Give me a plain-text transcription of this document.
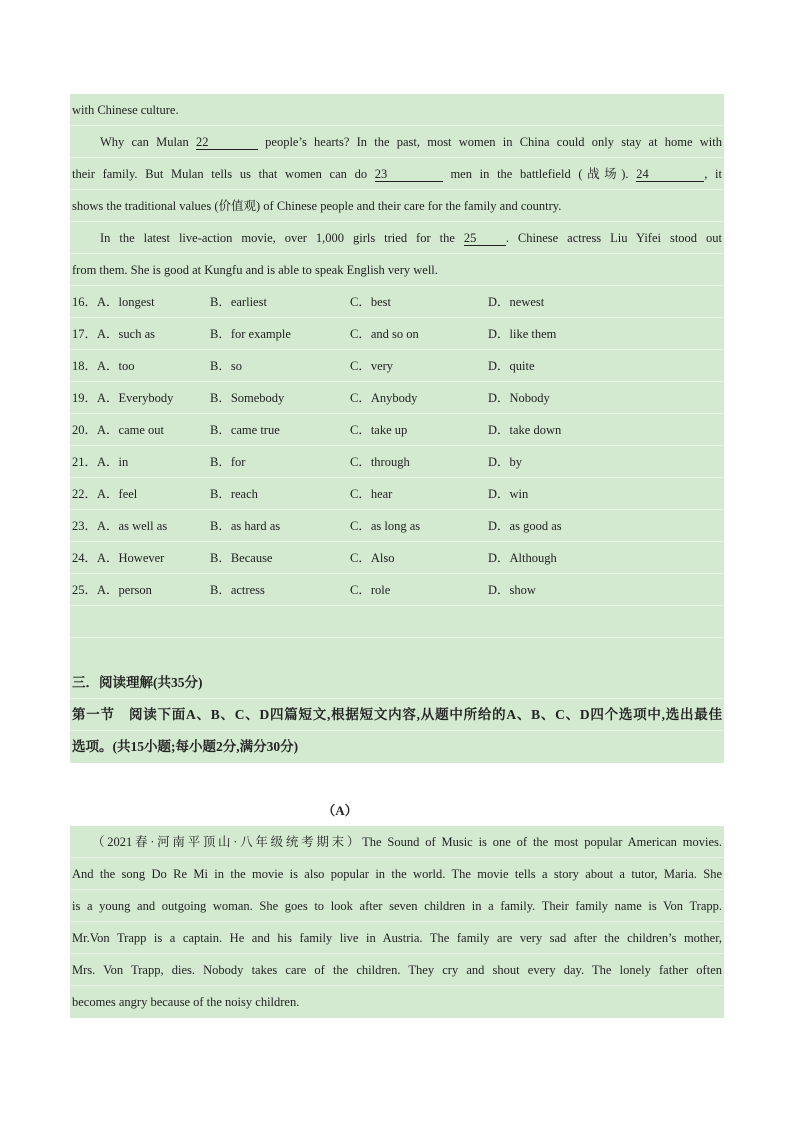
with Chinese culture.
Why can Mulan 22	people’s hearts? In the past, most women in China could only stay at home with
their family. But Mulan tells us that women can do 23	men in the battlefield (战场). 24	, it
shows the traditional values (价值观) of Chinese people and their care for the family and country.
In the latest live-action movie, over 1,000 girls tried for the 25 . Chinese actress Liu Yifei stood out
from them. She is good at Kungfu and is able to speak English very well.
16．A．longest	B．earliest	C．best	D．newest
17．A．such as	B．for example	C．and so on	D．like them
18．A．too	B．so	C．very	D．quite
19．A．Everybody	B．Somebody	C．Anybody	D．Nobody
20．A．came out	B．came true	C．take up	D．take down
21．A．in	B．for	C．through	D．by
22．A．feel	B．reach	C．hear	D．win
23．A．as well as	B．as hard as	C．as long as	D．as good as
24．A．However	B．Because	C．Also	D．Although
25．A．person	B．actress	C．role	D．show
三．阅读理解(共35分)
第一节　阅读下面A、B、C、D四篇短文,根据短文内容,从题中所给的A、B、C、D四个选项中,选出最佳
选项。(共15小题;每小题2分,满分30分)
（A）
（2021春·河南平顶山·八年级统考期末）The Sound of Music is one of the most popular American movies.
And the song Do Re Mi in the movie is also popular in the world. The movie tells a story about a tutor, Maria. She
is a young and outgoing woman. She goes to look after seven children in a family. Their family name is Von Trapp.
Mr.Von Trapp is a captain. He and his family live in Austria. The family are very sad after the children’s mother,
Mrs. Von Trapp, dies. Nobody takes care of the children. They cry and shout every day. The lonely father often
becomes angry because of the noisy children.
